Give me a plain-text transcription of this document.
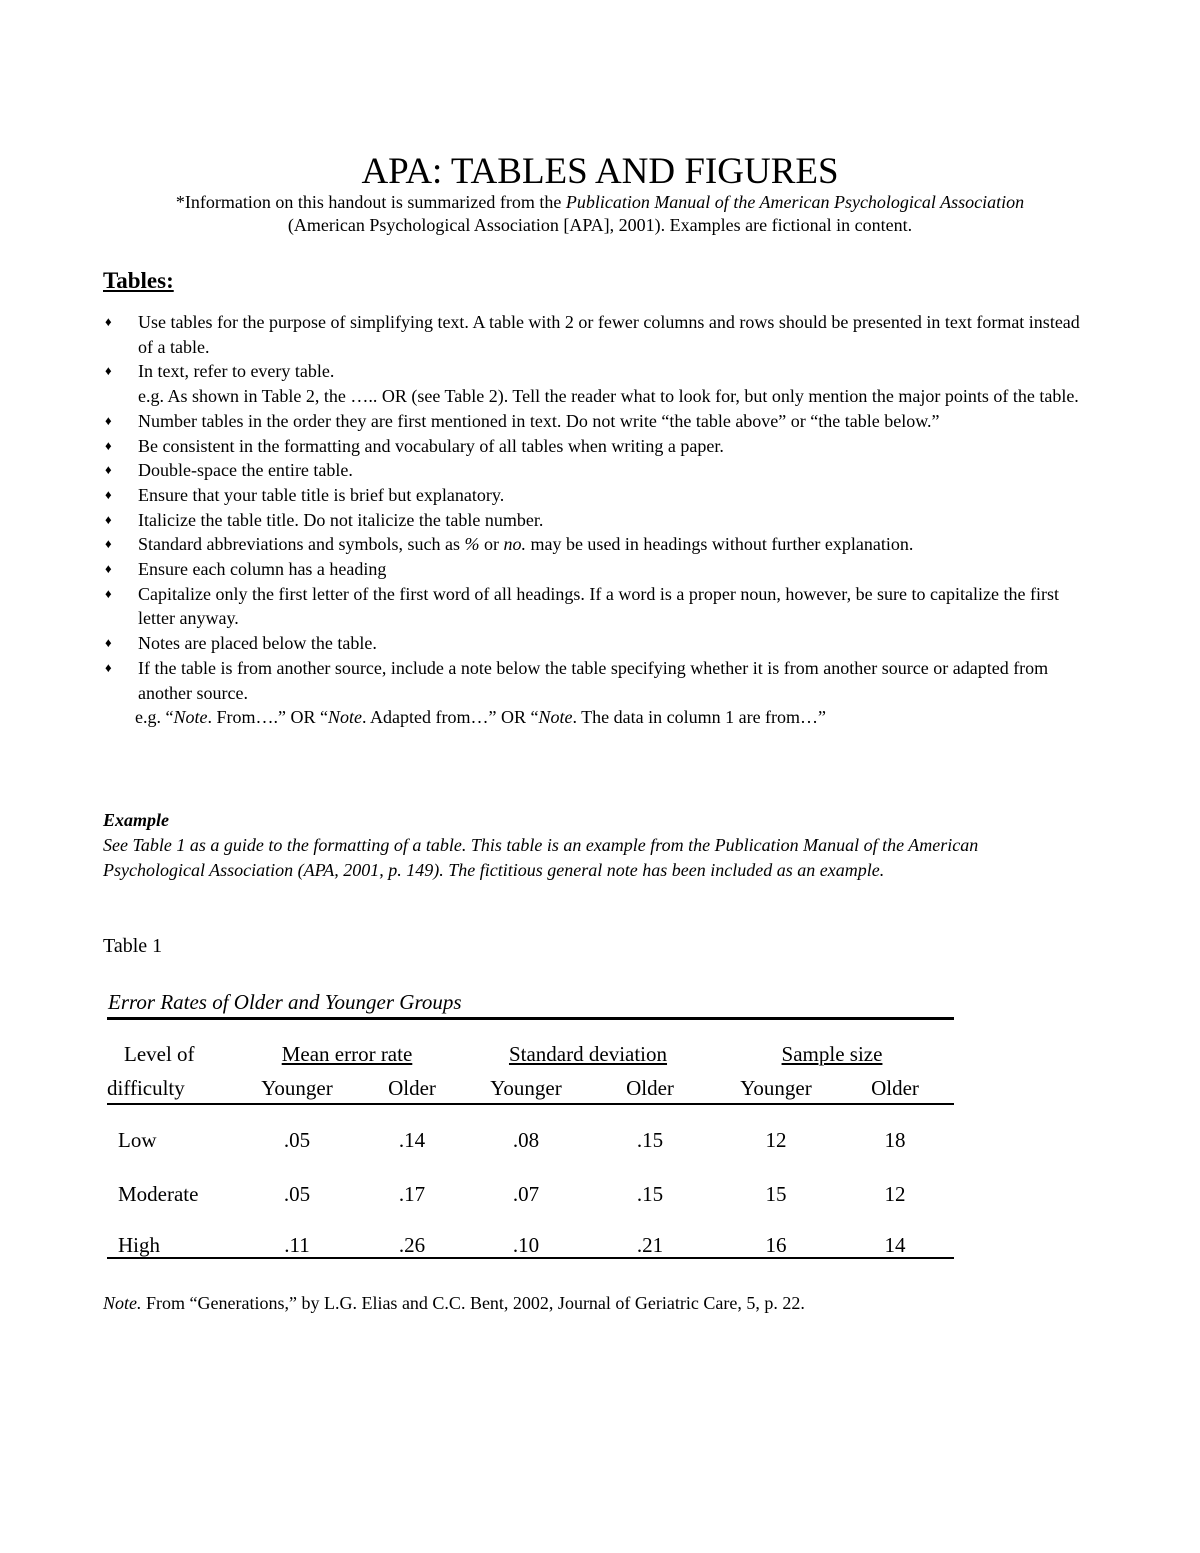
APA: TABLES AND FIGURES

*Information on this handout is summarized from the Publication Manual of the American Psychological Association

(American Psychological Association [APA], 2001). Examples are fictional in content.

Tables:
♦ Use tables for the purpose of simplifying text. A table with 2 or fewer columns and rows should be presented in text format instead of a table.
♦ In text, refer to every table.
e.g. As shown in Table 2, the ….. OR (see Table 2). Tell the reader what to look for, but only mention the major points of the table.
♦ Number tables in the order they are first mentioned in text. Do not write “the table above” or “the table below.”
♦ Be consistent in the formatting and vocabulary of all tables when writing a paper.
♦ Double-space the entire table.
♦ Ensure that your table title is brief but explanatory.
♦ Italicize the table title. Do not italicize the table number.
♦ Standard abbreviations and symbols, such as % or no. may be used in headings without further explanation.
♦ Ensure each column has a heading
♦ Capitalize only the first letter of the first word of all headings. If a word is a proper noun, however, be sure to capitalize the first letter anyway.
♦ Notes are placed below the table.
♦ If the table is from another source, include a note below the table specifying whether it is from another source or adapted from another source.
e.g. “Note. From….” OR “Note. Adapted from…” OR “Note. The data in column 1 are from…”
Example
See Table 1 as a guide to the formatting of a table. This table is an example from the Publication Manual of the American Psychological Association (APA, 2001, p. 149). The fictitious general note has been included as an example.
Table 1
Error Rates of Older and Younger Groups
Level of
difficulty
Mean error rate	Standard deviation	Sample size
Younger	Older	Younger	Older	Younger	Older
Low	.05	.14	.08	.15	12	18
Moderate	.05	.17	.07	.15	15	12
High	.11	.26	.10	.21	16	14
Note. From “Generations,” by L.G. Elias and C.C. Bent, 2002, Journal of Geriatric Care, 5, p. 22.
